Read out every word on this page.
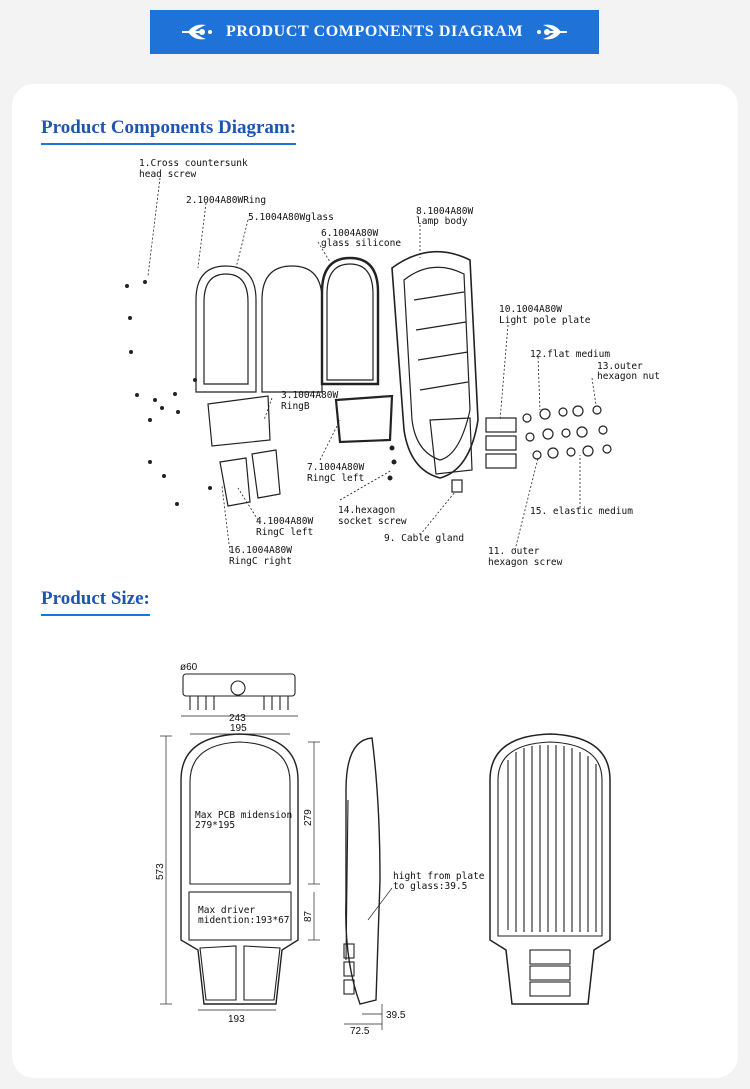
PRODUCT COMPONENTS DIAGRAM
Product Components Diagram:
Product Size:
1.Cross countersunk head screw
2.1004A80WRing
5.1004A80Wglass
6.1004A80W glass silicone
8.1004A80W lamp body
10.1004A80W Light pole plate
12.flat medium
13.outer hexagon nut
3.1004A80W RingB
7.1004A80W RingC left
14.hexagon socket screw
4.1004A80W RingC left
9. Cable gland
15. elastic medium
11. outer hexagon screw
16.1004A80W RingC right
ø60
243
195
573
279
87
193	39.5
72.5
Max PCB midension 279*195
Max driver midention:193*67
hight from plate to glass:39.5
